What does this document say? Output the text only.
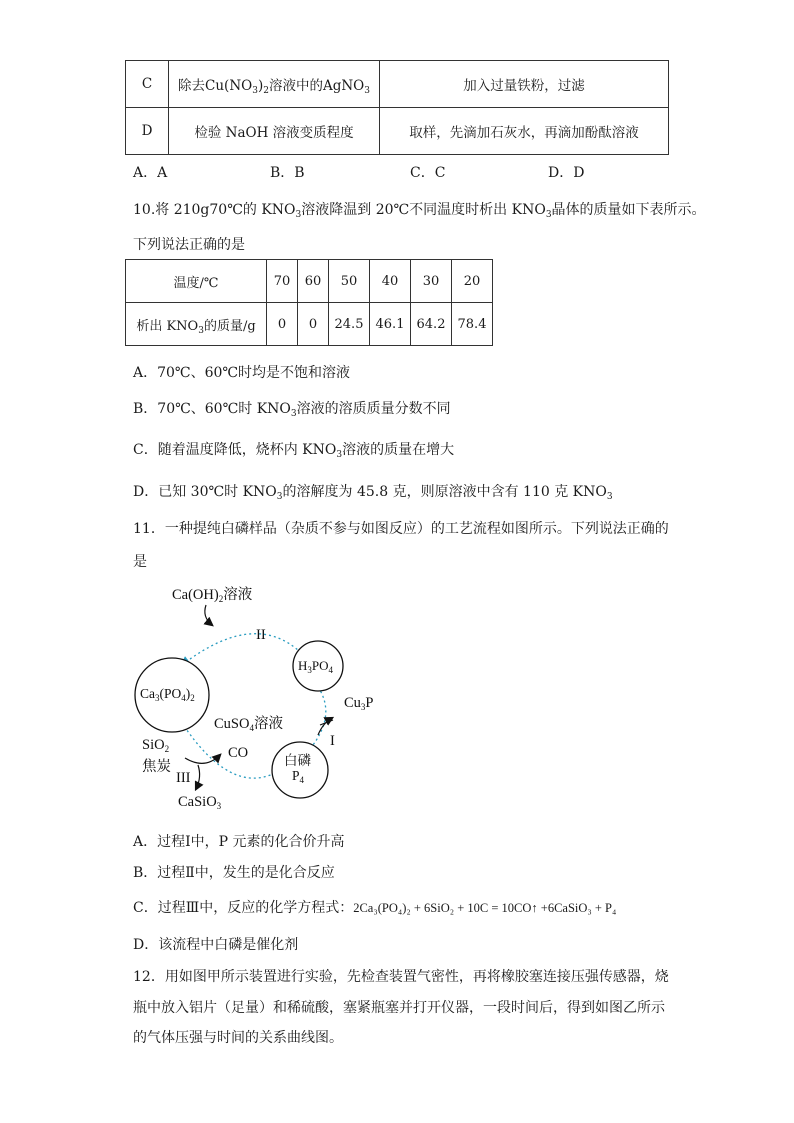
C	除去$Cu(NO_3)_2$溶液中的AgNO$_3$	加入过量铁粉，过滤
D	检验 NaOH 溶液变质程度	取样，先滴加石灰水，再滴加酚酞溶液
A．A	B．B	C．C	D．D
10.将 210g70℃的 $KNO_3$溶液降温到 20℃不同温度时析出 $KNO_3$晶体的质量如下表所示。
下列说法正确的是
温度/℃	70	60	50	40	30	20
析出 $KNO_3$的质量/g	0	0	24.5	46.1	64.2	78.4
A．70℃、60℃时均是不饱和溶液
B．70℃、60℃时 $KNO_3$溶液的溶质质量分数不同
C．随着温度降低，烧杯内 $KNO_3$溶液的质量在增大
D．已知 30℃时 $KNO_3$的溶解度为 45.8 克，则原溶液中含有 110 克 $KNO_3$
11．一种提纯白磷样品（杂质不参与如图反应）的工艺流程如图所示。下列说法正确的
是
$Ca(OH)_2$溶液
II
$H_3PO_4$
$Ca_3(PO_4)_2$
CuSO$_4$溶液
$Cu_3P$
I
SiO$_2$
焦炭
III
CO	白磷
$P_4$
CaSiO$_3$
A．过程Ⅰ中，P 元素的化合价升高
B．过程Ⅱ中，发生的是化合反应
C．过程Ⅲ中，反应的化学方程式：2Ca₃(PO₄)₂ + 6SiO₂ + 10C = 10CO↑ +6CaSiO₃ + P₄
D．该流程中白磷是催化剂
12．用如图甲所示装置进行实验，先检查装置气密性，再将橡胶塞连接压强传感器，烧
瓶中放入铝片（足量）和稀硫酸，塞紧瓶塞并打开仪器，一段时间后，得到如图乙所示
的气体压强与时间的关系曲线图。
